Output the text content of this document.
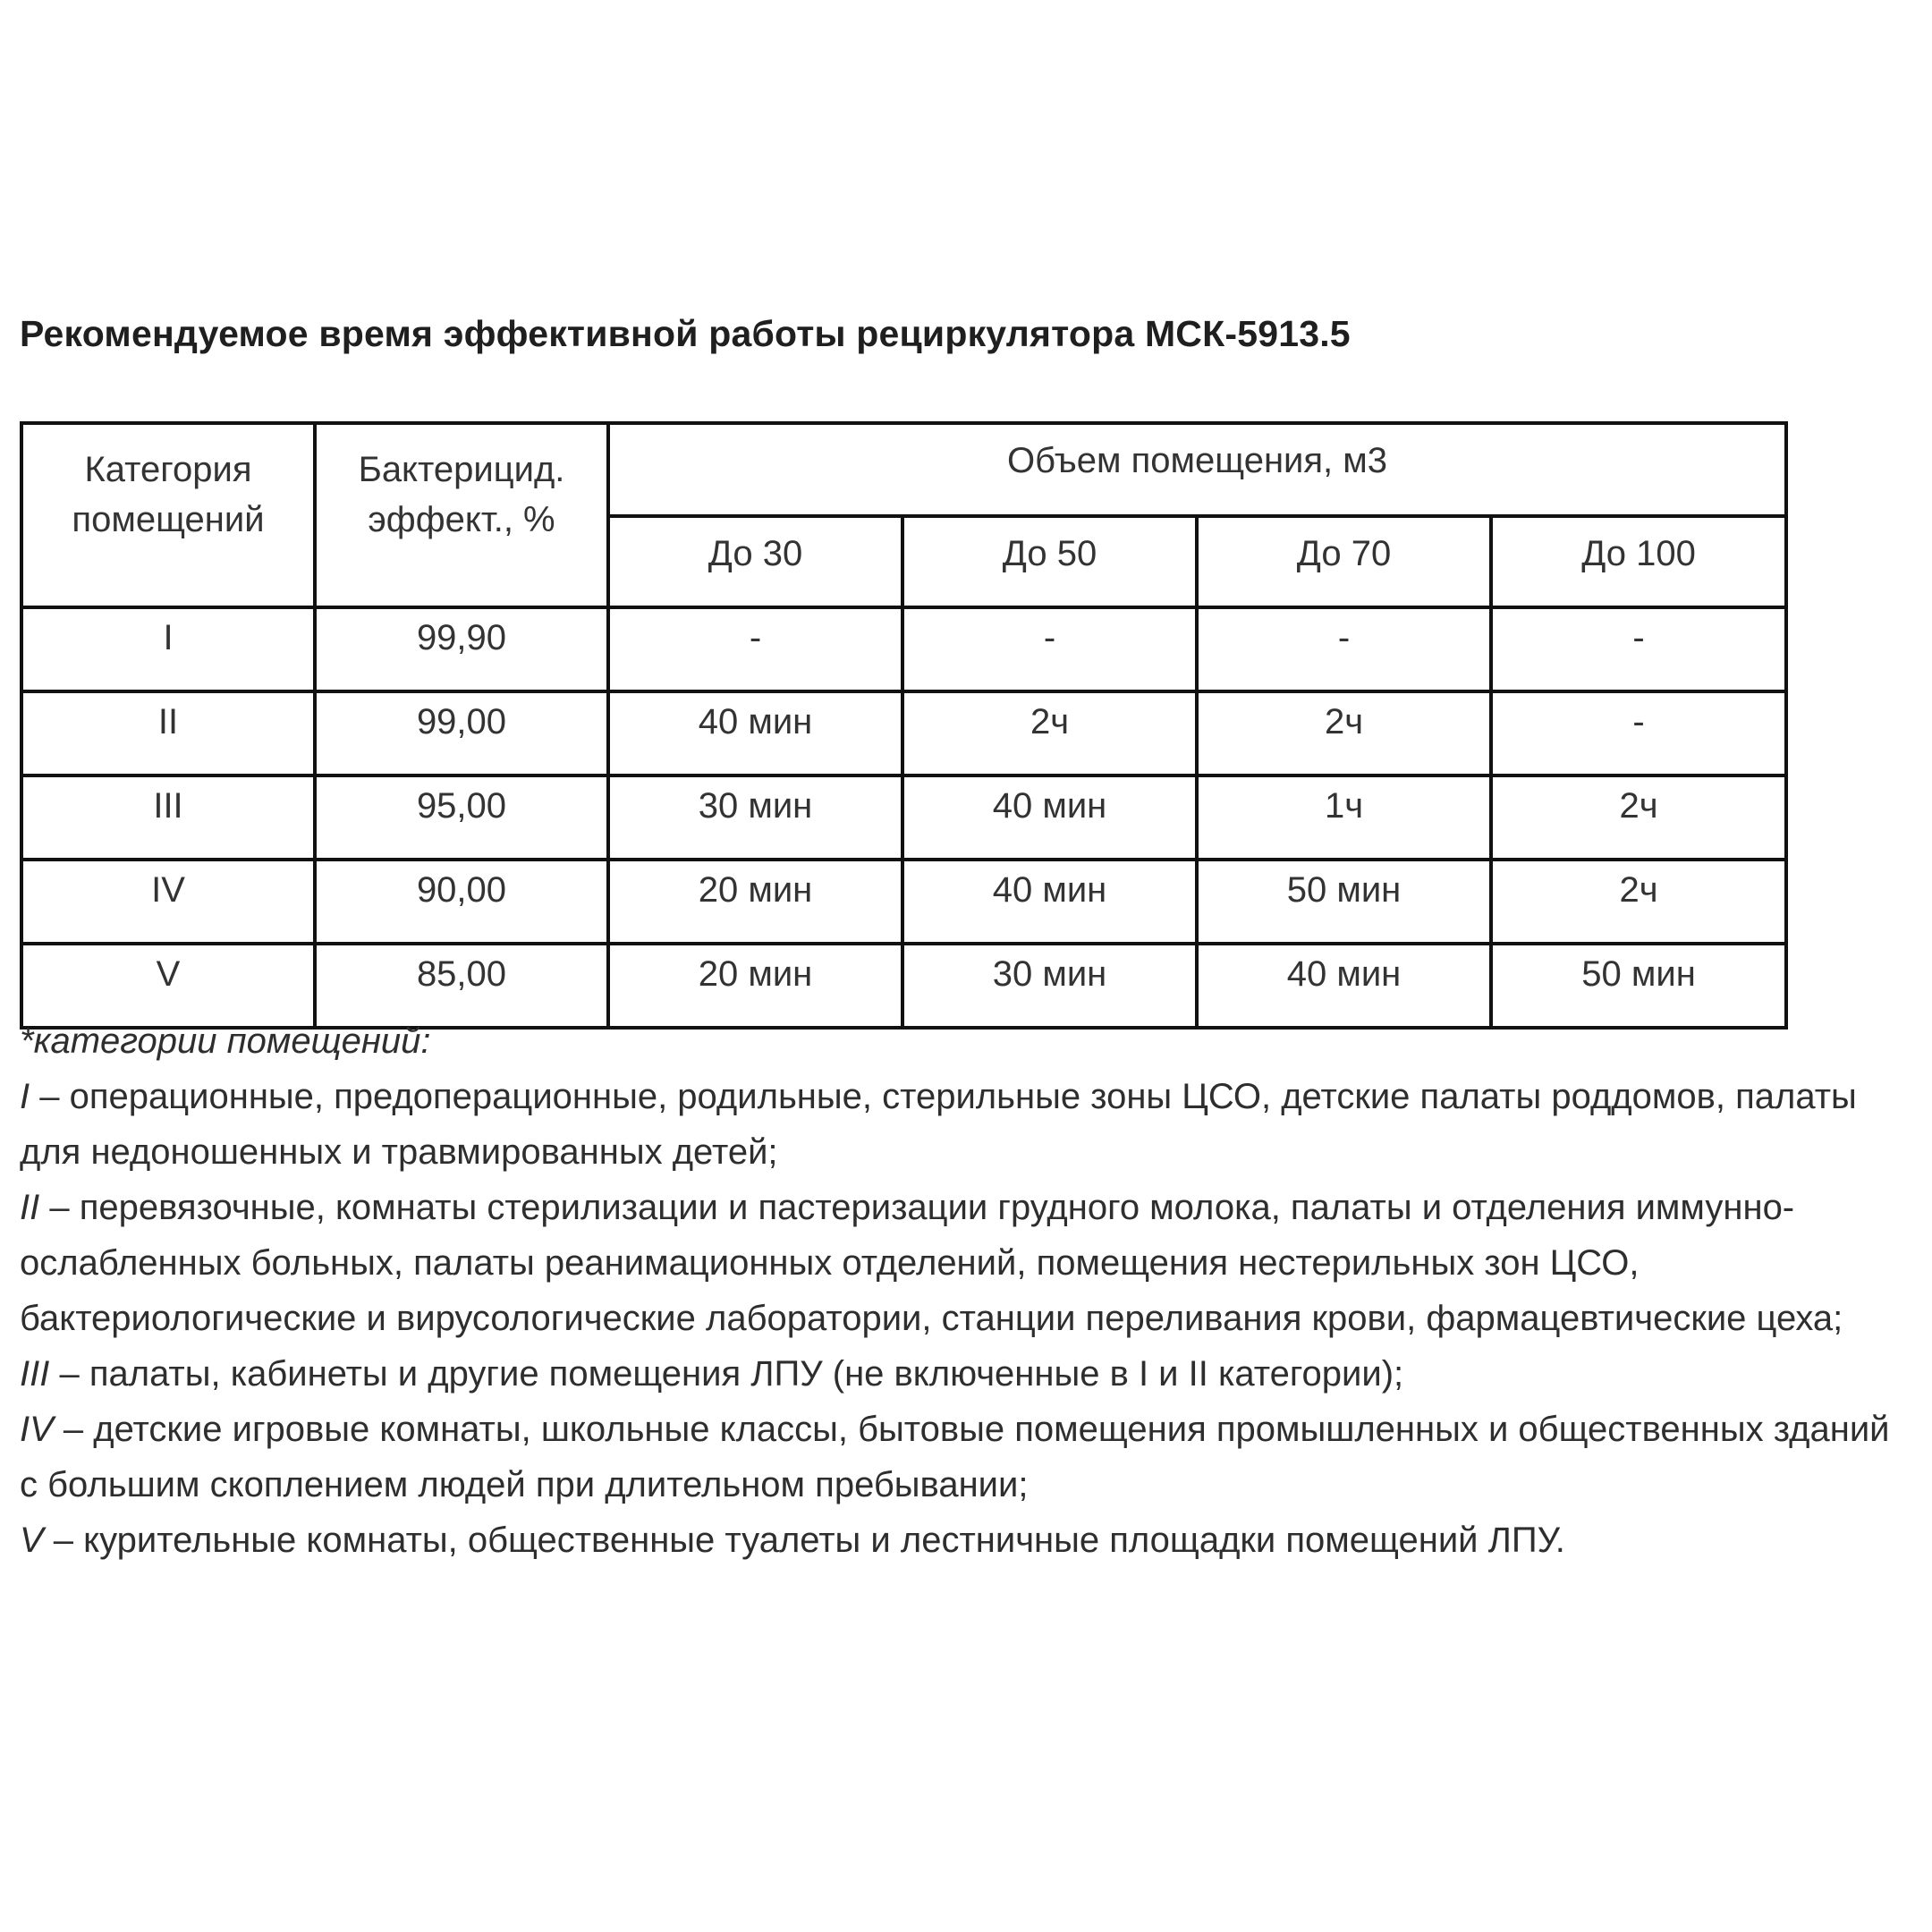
Рекомендуемое время эффективной работы рециркулятора МСК-5913.5
Категория помещений	Бактерицид. эффект., %	Объем помещения, м3			
		До 30	До 50	До 70	До 100
I	99,90	-	-	-	-
II	99,00	40 мин	2ч	2ч	-
III	95,00	30 мин	40 мин	1ч	2ч
IV	90,00	20 мин	40 мин	50 мин	2ч
V	85,00	20 мин	30 мин	40 мин	50 мин

*категории помещений:

I – операционные, предоперационные, родильные, стерильные зоны ЦСО, детские палаты роддомов, палаты для недоношенных и травмированных детей;

II – перевязочные, комнаты стерилизации и пастеризации грудного молока, палаты и отделения иммунно-ослабленных больных, палаты реанимационных отделений, помещения нестерильных зон ЦСО, бактериологические и вирусологические лаборатории, станции переливания крови, фармацевтические цеха;

III – палаты, кабинеты и другие помещения ЛПУ (не включенные в I и II категории);

IV – детские игровые комнаты, школьные классы, бытовые помещения промышленных и общественных зданий с большим скоплением людей при длительном пребывании;

V – курительные комнаты, общественные туалеты и лестничные площадки помещений ЛПУ.
